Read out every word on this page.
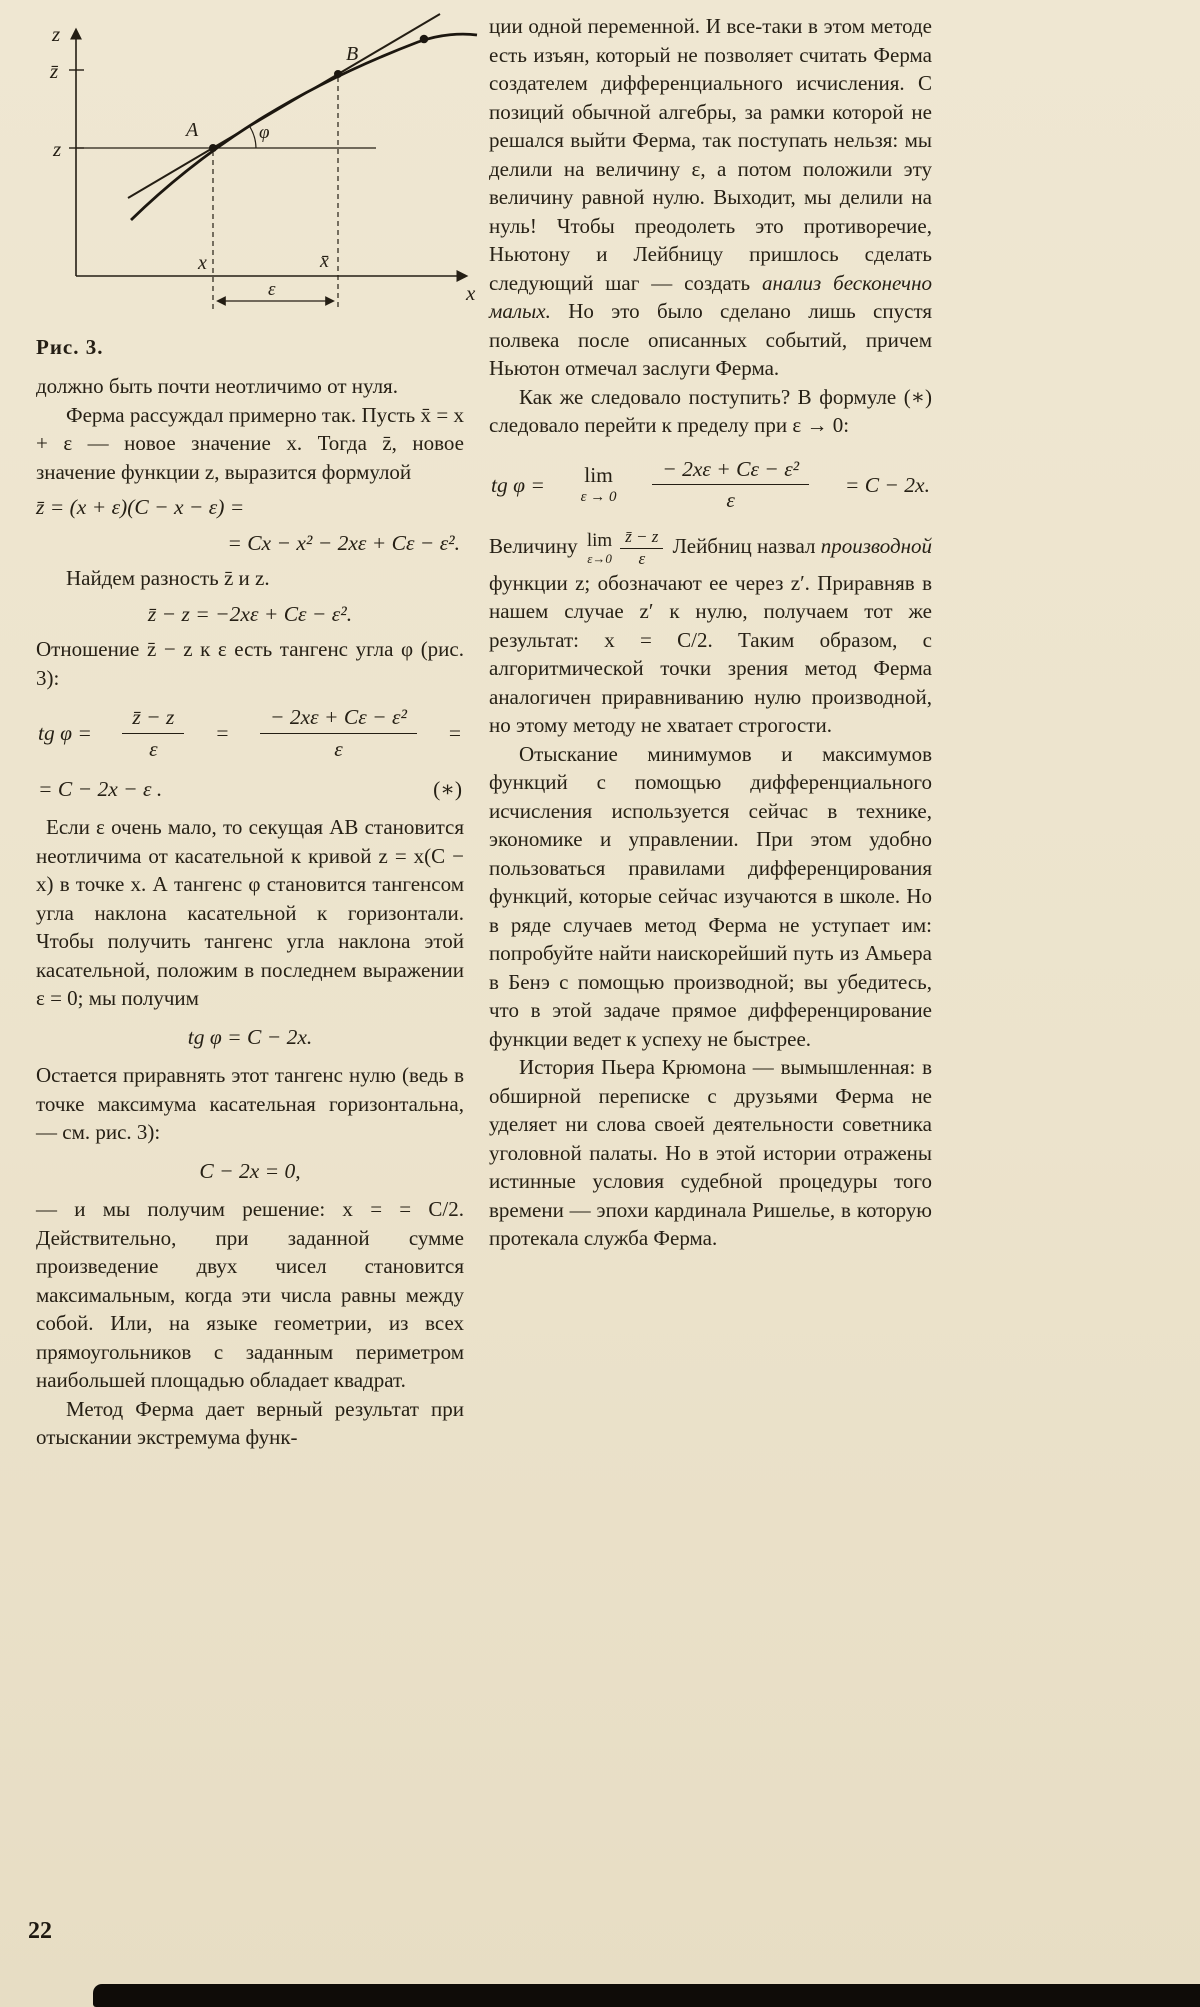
z
z̄
z
x
x	x̄
ε
φ
A
B
Рис. 3.

должно быть почти неотличимо от нуля.

Ферма рассуждал примерно так. Пусть x̄ = x + ε — новое значение x. Тогда z̄, новое значение функции z, выразится формулой

z̄ = (x + ε)(C − x − ε) =
= Cx − x² − 2xε + Cε − ε².

Найдем разность z̄ и z.

z̄ − z = −2xε + Cε − ε².

Отношение z̄ − z к ε есть тангенс угла φ (рис. 3):

tg $\varphi = \frac{z̄ - z}{\varepsilon} = \frac{\text{− 2xε + Cε − ε²}}{\varepsilon}$ =
= C − 2x − ε .	(∗)

Если ε очень мало, то секущая AB становится неотличима от касательной к кривой z = x(C − x) в точке x. А тангенс φ становится тангенсом угла наклона касательной к горизонтали. Чтобы получить тангенс угла наклона этой касательной, положим в последнем выражении ε = 0; мы получим

tg φ = C − 2x.

Остается приравнять этот тангенс нулю (ведь в точке максимума касательная горизонтальна, — см. рис. 3):

C − 2x = 0,

— и мы получим решение: x = = C/2. Действительно, при заданной сумме произведение двух чисел становится максимальным, когда эти числа равны между собой. Или, на языке геометрии, из всех прямоугольников с заданным периметром наибольшей площадью обладает квадрат.

Метод Ферма дает верный результат при отыскании экстремума функ-

ции одной переменной. И все-таки в этом методе есть изъян, который не позволяет считать Ферма создателем дифференциального исчисления. С позиций обычной алгебры, за рамки которой не решался выйти Ферма, так поступать нельзя: мы делили на величину ε, а потом положили эту величину равной нулю. Выходит, мы делили на нуль! Чтобы преодолеть это противоречие, Ньютону и Лейбницу пришлось сделать следующий шаг — создать анализ бесконечно малых. Но это было сделано лишь спустя полвека после описанных событий, причем Ньютон отмечал заслуги Ферма.

Как же следовало поступить? В формуле (∗) следовало перейти к пределу при ε → 0:

tg φ = lim
$\varepsilon \to 0 \frac{\text{− 2xε + Cε − ε²}}{\varepsilon} = C - 2x$.

Величину lim
$\varepsilon\to 0 \frac{z̄ - z}{\varepsilon}$ Лейбниц назвал производной функции z; обозначают ее через z′. Приравняв в нашем случае z′ к нулю, получаем тот же результат: x = C/2. Таким образом, с алгоритмической точки зрения метод Ферма аналогичен приравниванию нулю производной, но этому методу не хватает строгости.

Отыскание минимумов и максимумов функций с помощью дифференциального исчисления используется сейчас в технике, экономике и управлении. При этом удобно пользоваться правилами дифференцирования функций, которые сейчас изучаются в школе. Но в ряде случаев метод Ферма не уступает им: попробуйте найти наискорейший путь из Амьера в Бенэ с помощью производной; вы убедитесь, что в этой задаче прямое дифференцирование функции ведет к успеху не быстрее.

История Пьера Крюмона — вымышленная: в обширной переписке с друзьями Ферма не уделяет ни слова своей деятельности советника уголовной палаты. Но в этой истории отражены истинные условия судебной процедуры того времени — эпохи кардинала Ришелье, в которую протекала служба Ферма.

22
